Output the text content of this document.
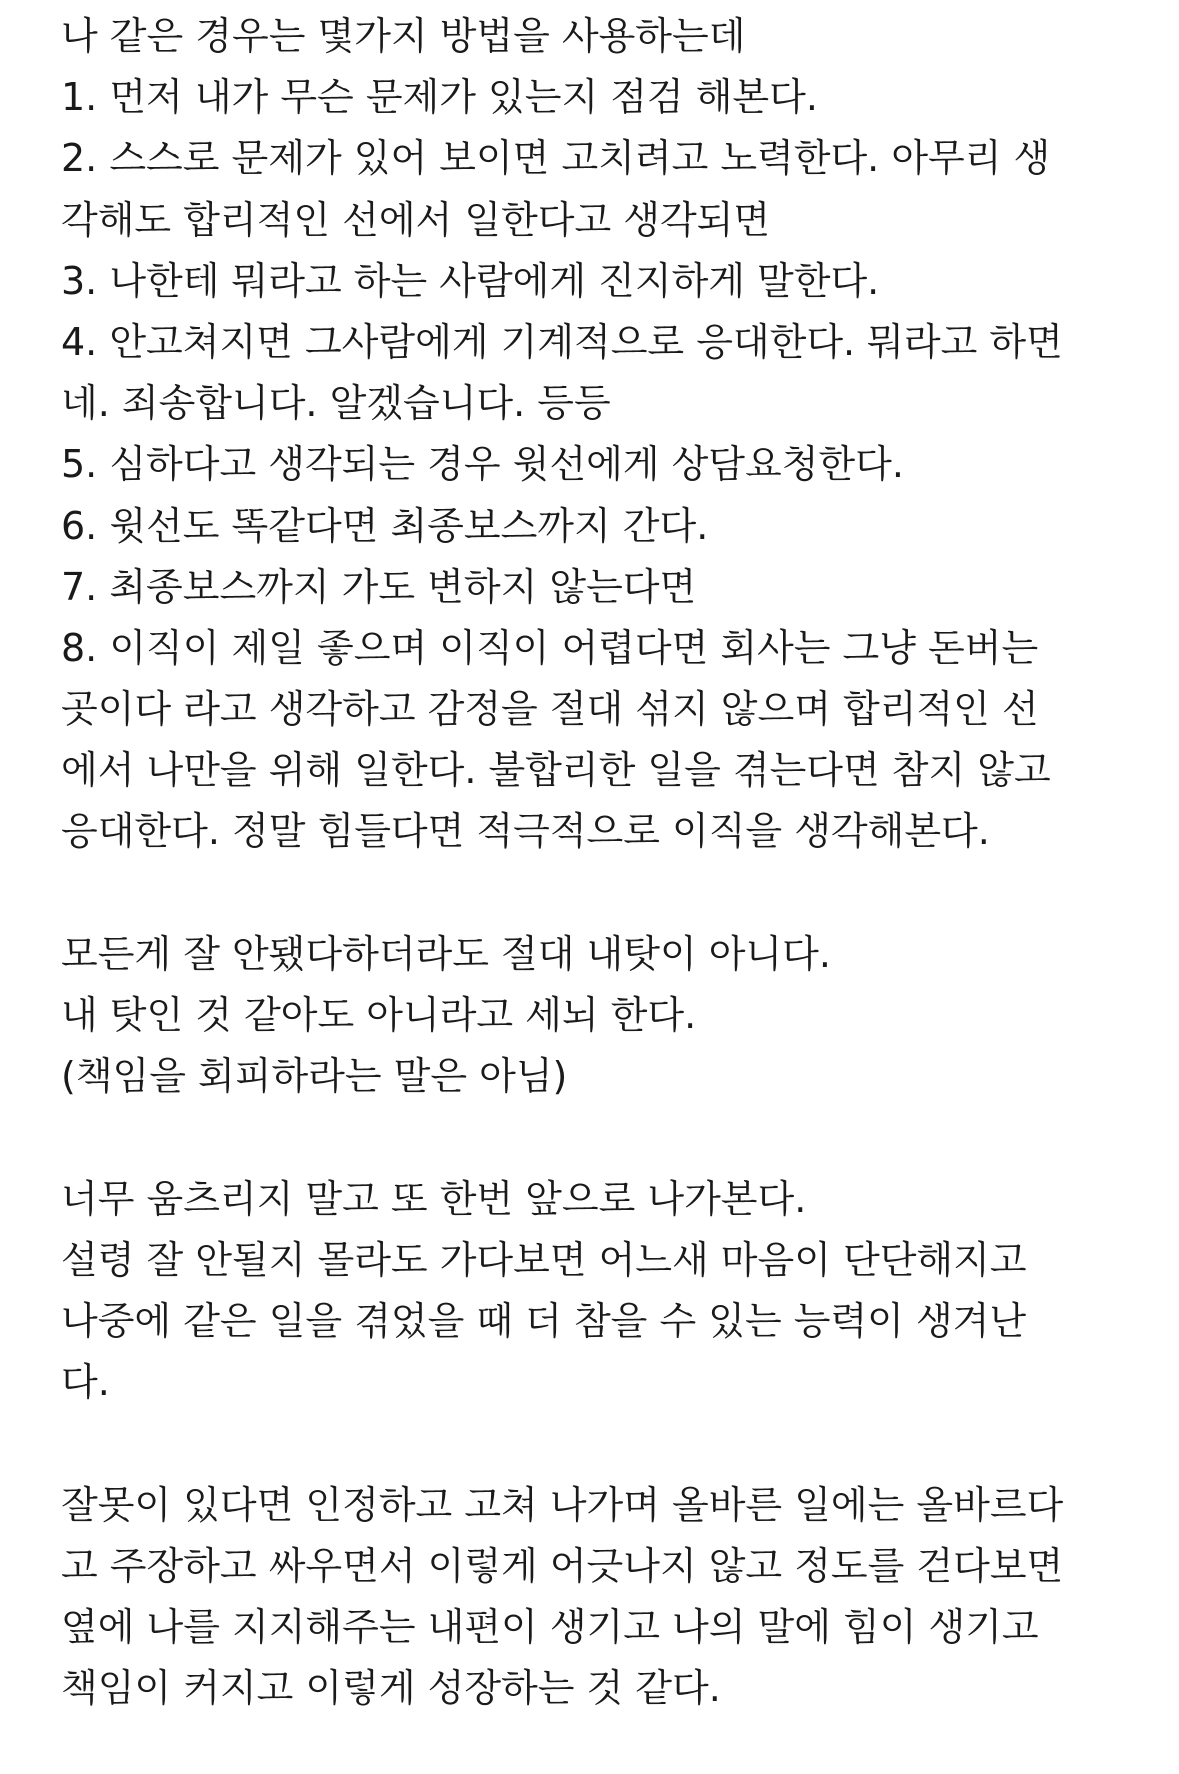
나 같은 경우는 몇가지 방법을 사용하는데
1. 먼저 내가 무슨 문제가 있는지 점검 해본다.
2. 스스로 문제가 있어 보이면 고치려고 노력한다. 아무리 생
각해도 합리적인 선에서 일한다고 생각되면
3. 나한테 뭐라고 하는 사람에게 진지하게 말한다.
4. 안고쳐지면 그사람에게 기계적으로 응대한다. 뭐라고 하면
네. 죄송합니다. 알겠습니다. 등등
5. 심하다고 생각되는 경우 윗선에게 상담요청한다.
6. 윗선도 똑같다면 최종보스까지 간다.
7. 최종보스까지 가도 변하지 않는다면
8. 이직이 제일 좋으며 이직이 어렵다면 회사는 그냥 돈버는
곳이다 라고 생각하고 감정을 절대 섞지 않으며 합리적인 선
에서 나만을 위해 일한다. 불합리한 일을 겪는다면 참지 않고
응대한다. 정말 힘들다면 적극적으로 이직을 생각해본다.
모든게 잘 안됐다하더라도 절대 내탓이 아니다.
내 탓인 것 같아도 아니라고 세뇌 한다.
(책임을 회피하라는 말은 아님)
너무 움츠리지 말고 또 한번 앞으로 나가본다.
설령 잘 안될지 몰라도 가다보면 어느새 마음이 단단해지고
나중에 같은 일을 겪었을 때 더 참을 수 있는 능력이 생겨난
다.
잘못이 있다면 인정하고 고쳐 나가며 올바른 일에는 올바르다
고 주장하고 싸우면서 이렇게 어긋나지 않고 정도를 걷다보면
옆에 나를 지지해주는 내편이 생기고 나의 말에 힘이 생기고
책임이 커지고 이렇게 성장하는 것 같다.
